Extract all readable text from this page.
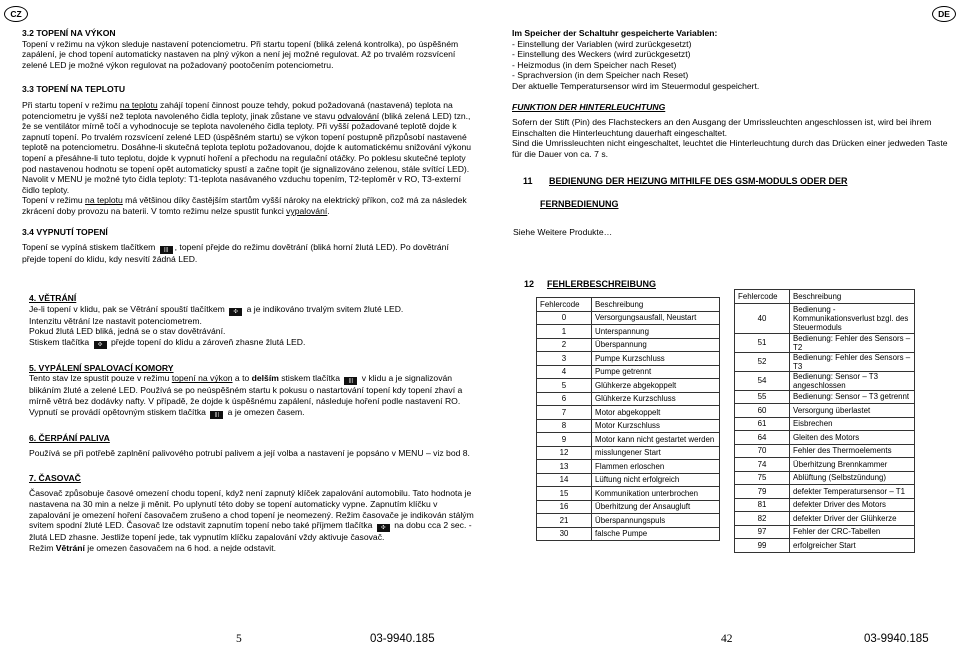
CZ	DE

3.2 TOPENÍ NA VÝKON

Topení v režimu na výkon sleduje nastavení potenciometru. Při startu topení (bliká zelená kontrolka), po úspěšném zapálení, je chod topení automaticky nastaven na plný výkon a není jej možné regulovat. Až po trvalém rozsvícení zelené LED je možné výkon regulovat na požadovaný pootočením potenciometru.

3.3 TOPENÍ NA TEPLOTU

Při startu topení v režimu na teplotu zahájí topení činnost pouze tehdy, pokud požadovaná (nastavená) teplota na potenciometru je vyšší než teplota navoleného čidla teploty, jinak zůstane ve stavu odvalování (bliká zelená LED) tzn., že se ventilátor mírně točí a vyhodnocuje se teplota navoleného čidla teploty. Při vyšší požadované teplotě dojde k zapnutí topení. Po trvalém rozsvícení zelené LED (úspěšném startu) se výkon topení postupně přizpůsobí nastavené teplotě na potenciometru. Dosáhne-li skutečná teplota teplotu požadovanou, dojde k automatickému snižování výkonu topení a přesáhne-li tuto teplotu, dojde k vypnutí hoření a přechodu na regulační otáčky. Po poklesu skutečné teploty pod nastavenou hodnotu se topení opět automaticky spustí a začne topit (je signalizováno zelenou, stále svítící LED). Navolit v MENU je možné tyto čidla teploty: T1-teplota nasávaného vzduchu topením, T2-teploměr v RO, T3-externí čidlo teploty.

Topení v režimu na teplotu má většinou díky častějším startům vyšší nároky na elektrický příkon, což má za následek zkrácení doby provozu na baterii. V tomto režimu nelze spustit funkci vypalování.

3.4 VYPNUTÍ TOPENÍ

Topení se vypíná stiskem tlačítkem ||| , topení přejde do režimu dovětrání (bliká horní žlutá LED). Po dovětrání přejde topení do klidu, kdy nesvítí žádná LED.

4. VĚTRÁNÍ

Je-li topení v klidu, pak se Větrání spouští tlačítkem ✣ a je indikováno trvalým svitem žluté LED.

Intenzitu větrání lze nastavit potenciometrem.

Pokud žlutá LED bliká, jedná se o stav dovětrávání.

Stiskem tlačítka ✣ přejde topení do klidu a zároveň zhasne žlutá LED.

5. VYPÁLENÍ SPALOVACÍ KOMORY

Tento stav lze spustit pouze v režimu topení na výkon a to delším stiskem tlačítka ||| v klidu a je signalizován blikáním žluté a zelené LED. Používá se po neúspěšném startu k pokusu o nastartování topení kdy topení zhaví a mírně větrá bez dodávky nafty. V případě, že dojde k úspěšnému zapálení, následuje hoření podle nastavení RO. Vypnutí se provádí opětovným stiskem tlačítka ||| a je omezen časem.

6. ČERPÁNÍ PALIVA

Používá se při potřebě zaplnění palivového potrubí palivem a její volba a nastavení je popsáno v MENU – viz bod 8.

7. ČASOVAČ

Časovač způsobuje časové omezení chodu topení, když není zapnutý klíček zapalování automobilu. Tato hodnota je nastavena na 30 min a nelze ji měnit. Po uplynutí této doby se topení automaticky vypne. Zapnutím klíčku v zapalování je omezení hoření časovačem zrušeno a chod topení je neomezený. Režim časovače je indikován stálým svitem spodní žluté LED. Časovač lze odstavit zapnutím topení nebo také příjmem tlačítka ✣ na dobu cca 2 sec. - žlutá LED zhasne. Jestliže topení jede, tak vypnutím klíčku zapalování vždy aktivuje časovač.

Režim Větrání je omezen časovačem na 6 hod. a nejde odstavit.

Im Speicher der Schaltuhr gespeicherte Variablen:

- Einstellung der Variablen (wird zurückgesetzt)

- Einstellung des Weckers (wird zurückgesetzt)

- Heizmodus (in dem Speicher nach Reset)

- Sprachversion (in dem Speicher nach Reset)

Der aktuelle Temperatursensor wird im Steuermodul gespeichert.

FUNKTION DER HINTERLEUCHTUNG

Sofern der Stift (Pin) des Flachsteckers an den Ausgang der Umrissleuchten angeschlossen ist, wird bei ihrem Einschalten die Hinterleuchtung dauerhaft eingeschaltet.

Sind die Umrissleuchten nicht eingeschaltet, leuchtet die Hinterleuchtung durch das Drücken einer jedweden Taste für die Dauer von ca. 7 s.

11 BEDIENUNG DER HEIZUNG MITHILFE DES GSM-MODULS ODER DER
FERNBEDIENUNG
Siehe Weitere Produkte…
12 FEHLERBESCHREIBUNG
Fehlercode	Beschreibung
0	Versorgungsausfall, Neustart
1	Unterspannung
2	Überspannung
3	Pumpe Kurzschluss
4	Pumpe getrennt
5	Glühkerze abgekoppelt
6	Glühkerze Kurzschluss
7	Motor abgekoppelt
8	Motor Kurzschluss
9	Motor kann nicht gestartet werden
12	misslungener Start
13	Flammen erloschen
14	Lüftung nicht erfolgreich
15	Kommunikation unterbrochen
16	Überhitzung der Ansaugluft
21	Überspannungspuls
30	falsche Pumpe
Fehlercode	Beschreibung
40	Bedienung - Kommunikationsverlust bzgl. des Steuermoduls
51	Bedienung: Fehler des Sensors – T2
52	Bedienung: Fehler des Sensors – T3
54	Bedienung: Sensor – T3 angeschlossen
55	Bedienung: Sensor – T3 getrennt
60	Versorgung überlastet
61	Eisbrechen
64	Gleiten des Motors
70	Fehler des Thermoelements
74	Überhitzung Brennkammer
75	Ablüftung (Selbstzündung)
79	defekter Temperatursensor – T1
81	defekter Driver des Motors
82	defekter Driver der Glühkerze
97	Fehler der CRC-Tabellen
99	erfolgreicher Start
5	03-9940.185	42	03-9940.185
